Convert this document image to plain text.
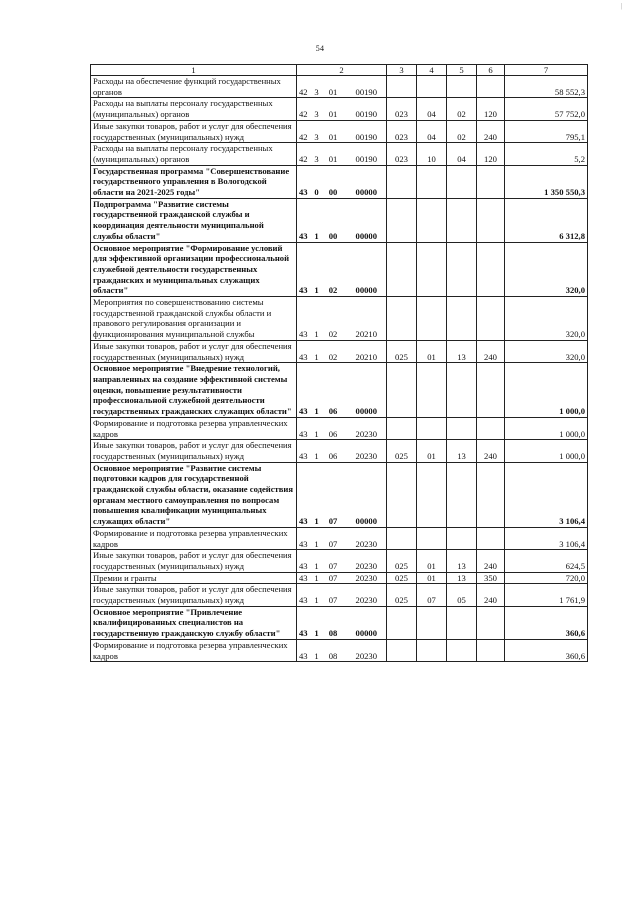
|
54
1	2	3	4	5	6	7
Расходы на обеспечение функций государственных органов	42 3 01 00190					58 552,3
Расходы на выплаты персоналу государственных (муниципальных) органов	42 3 01 00190	023	04	02	120	57 752,0
Иные закупки товаров, работ и услуг для обеспечения государственных (муниципальных) нужд	42 3 01 00190	023	04	02	240	795,1
Расходы на выплаты персоналу государственных (муниципальных) органов	42 3 01 00190	023	10	04	120	5,2
Государственная программа "Совершенствование государственного управления в Вологодской области на 2021-2025 годы"	43 0 00 00000					1 350 550,3
Подпрограмма "Развитие системы государственной гражданской службы и координация деятельности муниципальной службы области"	43 1 00 00000					6 312,8
Основное мероприятие "Формирование условий для эффективной организации профессиональной служебной деятельности государственных гражданских и муниципальных служащих области"	43 1 02 00000					320,0
Мероприятия по совершенствованию системы государственной гражданской службы области и правового регулирования организации и функционирования муниципальной службы	43 1 02 20210					320,0
Иные закупки товаров, работ и услуг для обеспечения государственных (муниципальных) нужд	43 1 02 20210	025	01	13	240	320,0
Основное мероприятие "Внедрение технологий, направленных на создание эффективной системы оценки, повышение результативности профессиональной служебной деятельности государственных гражданских служащих области"	43 1 06 00000					1 000,0
Формирование и подготовка резерва управленческих кадров	43 1 06 20230					1 000,0
Иные закупки товаров, работ и услуг для обеспечения государственных (муниципальных) нужд	43 1 06 20230	025	01	13	240	1 000,0
Основное мероприятие "Развитие системы подготовки кадров для государственной гражданской службы области, оказание содействия органам местного самоуправления по вопросам повышения квалификации муниципальных служащих области"	43 1 07 00000					3 106,4
Формирование и подготовка резерва управленческих кадров	43 1 07 20230					3 106,4
Иные закупки товаров, работ и услуг для обеспечения государственных (муниципальных) нужд	43 1 07 20230	025	01	13	240	624,5
Премии и гранты	43 1 07 20230	025	01	13	350	720,0
Иные закупки товаров, работ и услуг для обеспечения государственных (муниципальных) нужд	43 1 07 20230	025	07	05	240	1 761,9
Основное мероприятие "Привлечение квалифицированных специалистов на государственную гражданскую службу области"	43 1 08 00000					360,6
Формирование и подготовка резерва управленческих кадров	43 1 08 20230					360,6
